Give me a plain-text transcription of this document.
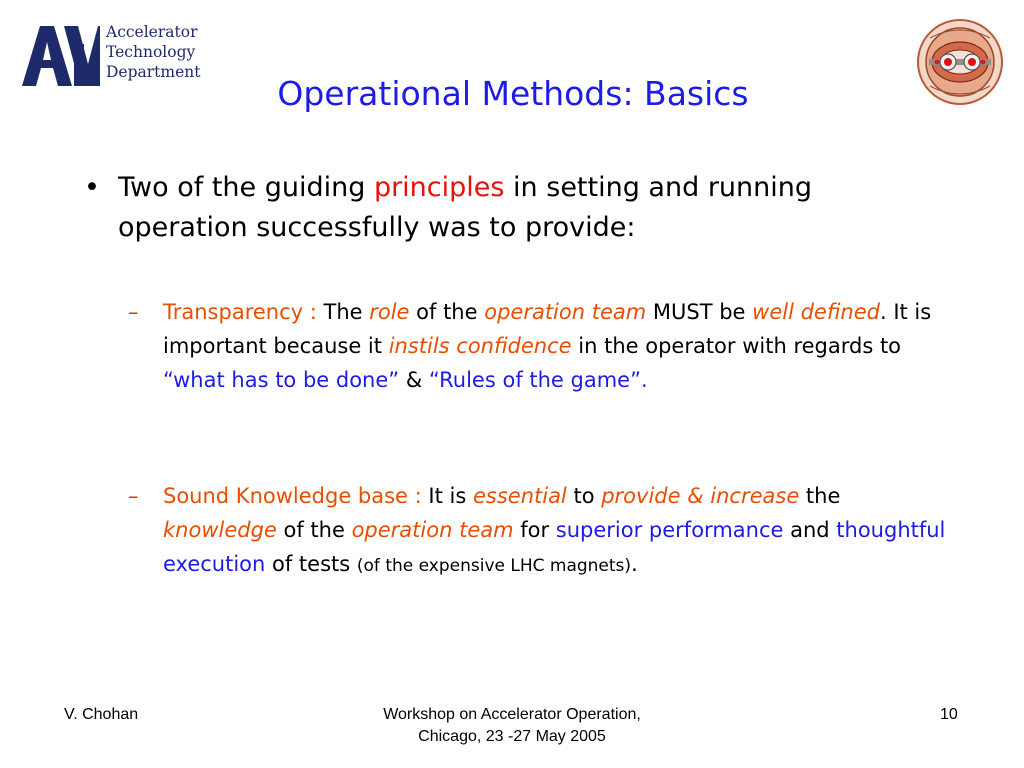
Accelerator
Technology
Department
Operational Methods: Basics
• Two of the guiding principles in setting and running operation successfully was to provide:
– Transparency : The role of the operation team MUST be well defined. It is important because it instils confidence in the operator with regards to “what has to be done” & “Rules of the game”.
– Sound Knowledge base : It is essential to provide & increase the knowledge of the operation team for superior performance and thoughtful execution of tests (of the expensive LHC magnets).
V. Chohan	Workshop on Accelerator Operation,
Chicago, 23 -27 May 2005
10
